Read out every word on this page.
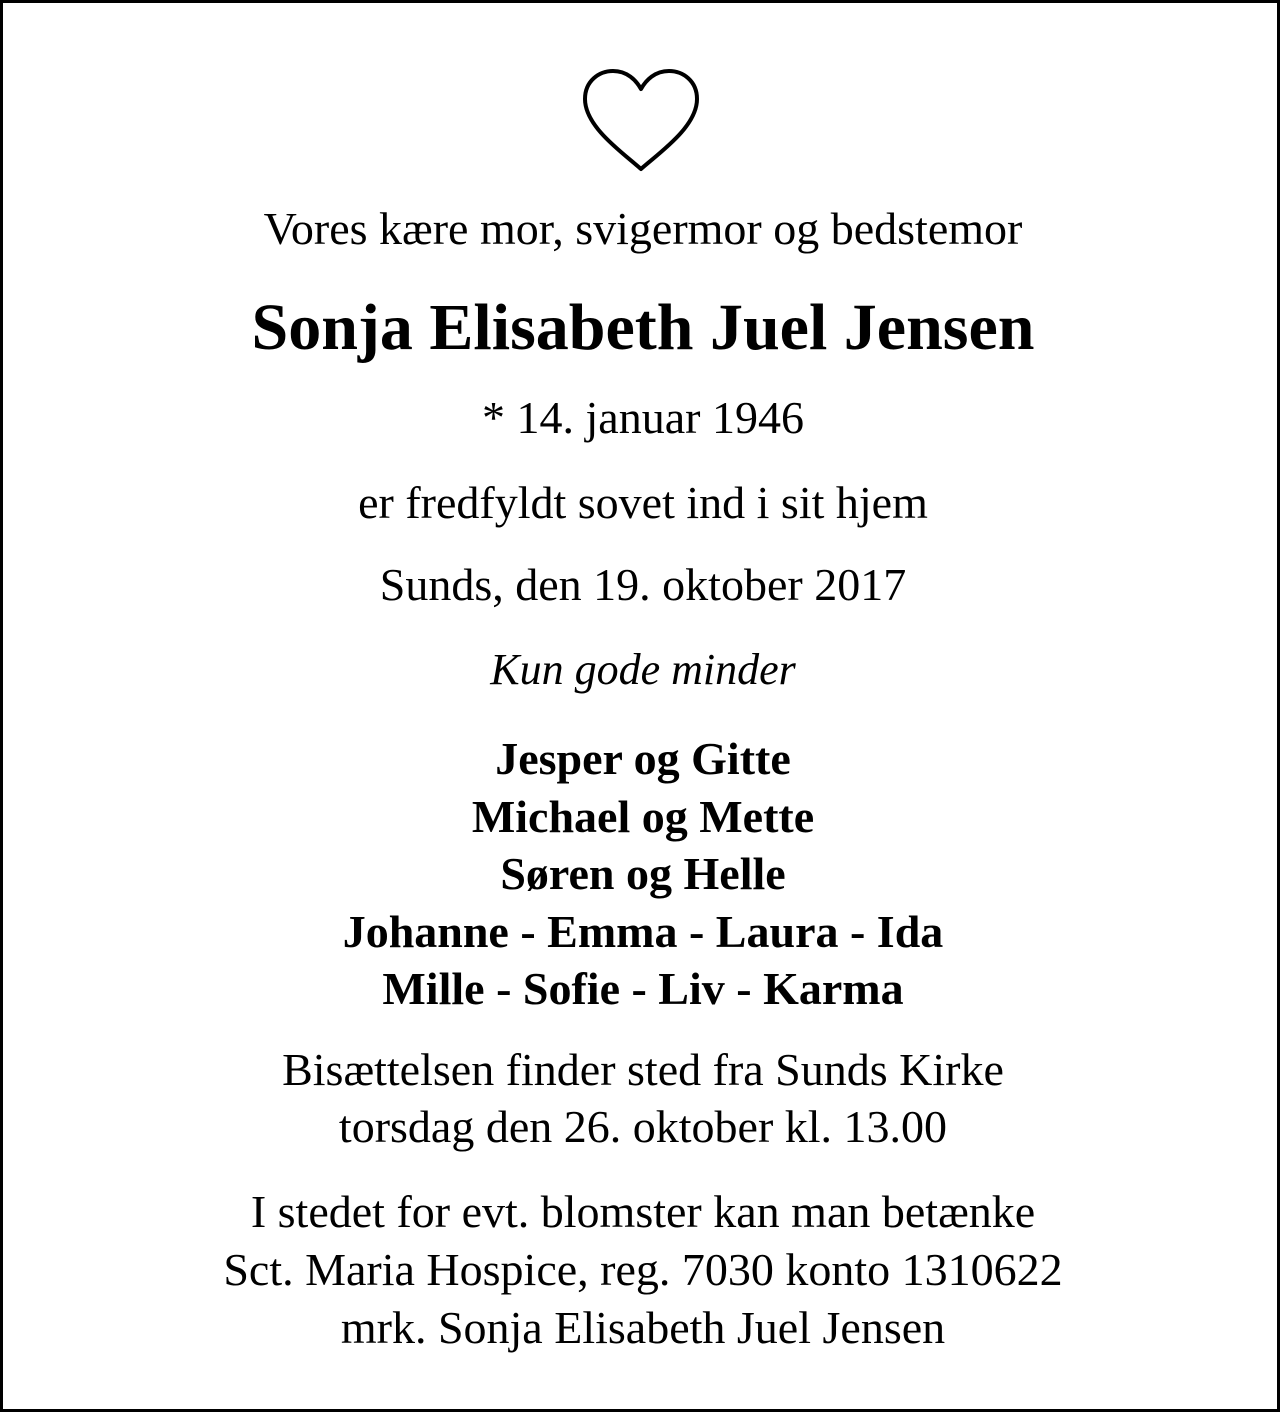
Vores kære mor, svigermor og bedstemor
Sonja Elisabeth Juel Jensen
* 14. januar 1946
er fredfyldt sovet ind i sit hjem
Sunds, den 19. oktober 2017
Kun gode minder
Jesper og Gitte
Michael og Mette
Søren og Helle
Johanne - Emma - Laura - Ida
Mille - Sofie - Liv - Karma
Bisættelsen finder sted fra Sunds Kirke
torsdag den 26. oktober kl. 13.00
I stedet for evt. blomster kan man betænke
Sct. Maria Hospice, reg. 7030 konto 1310622
mrk. Sonja Elisabeth Juel Jensen
